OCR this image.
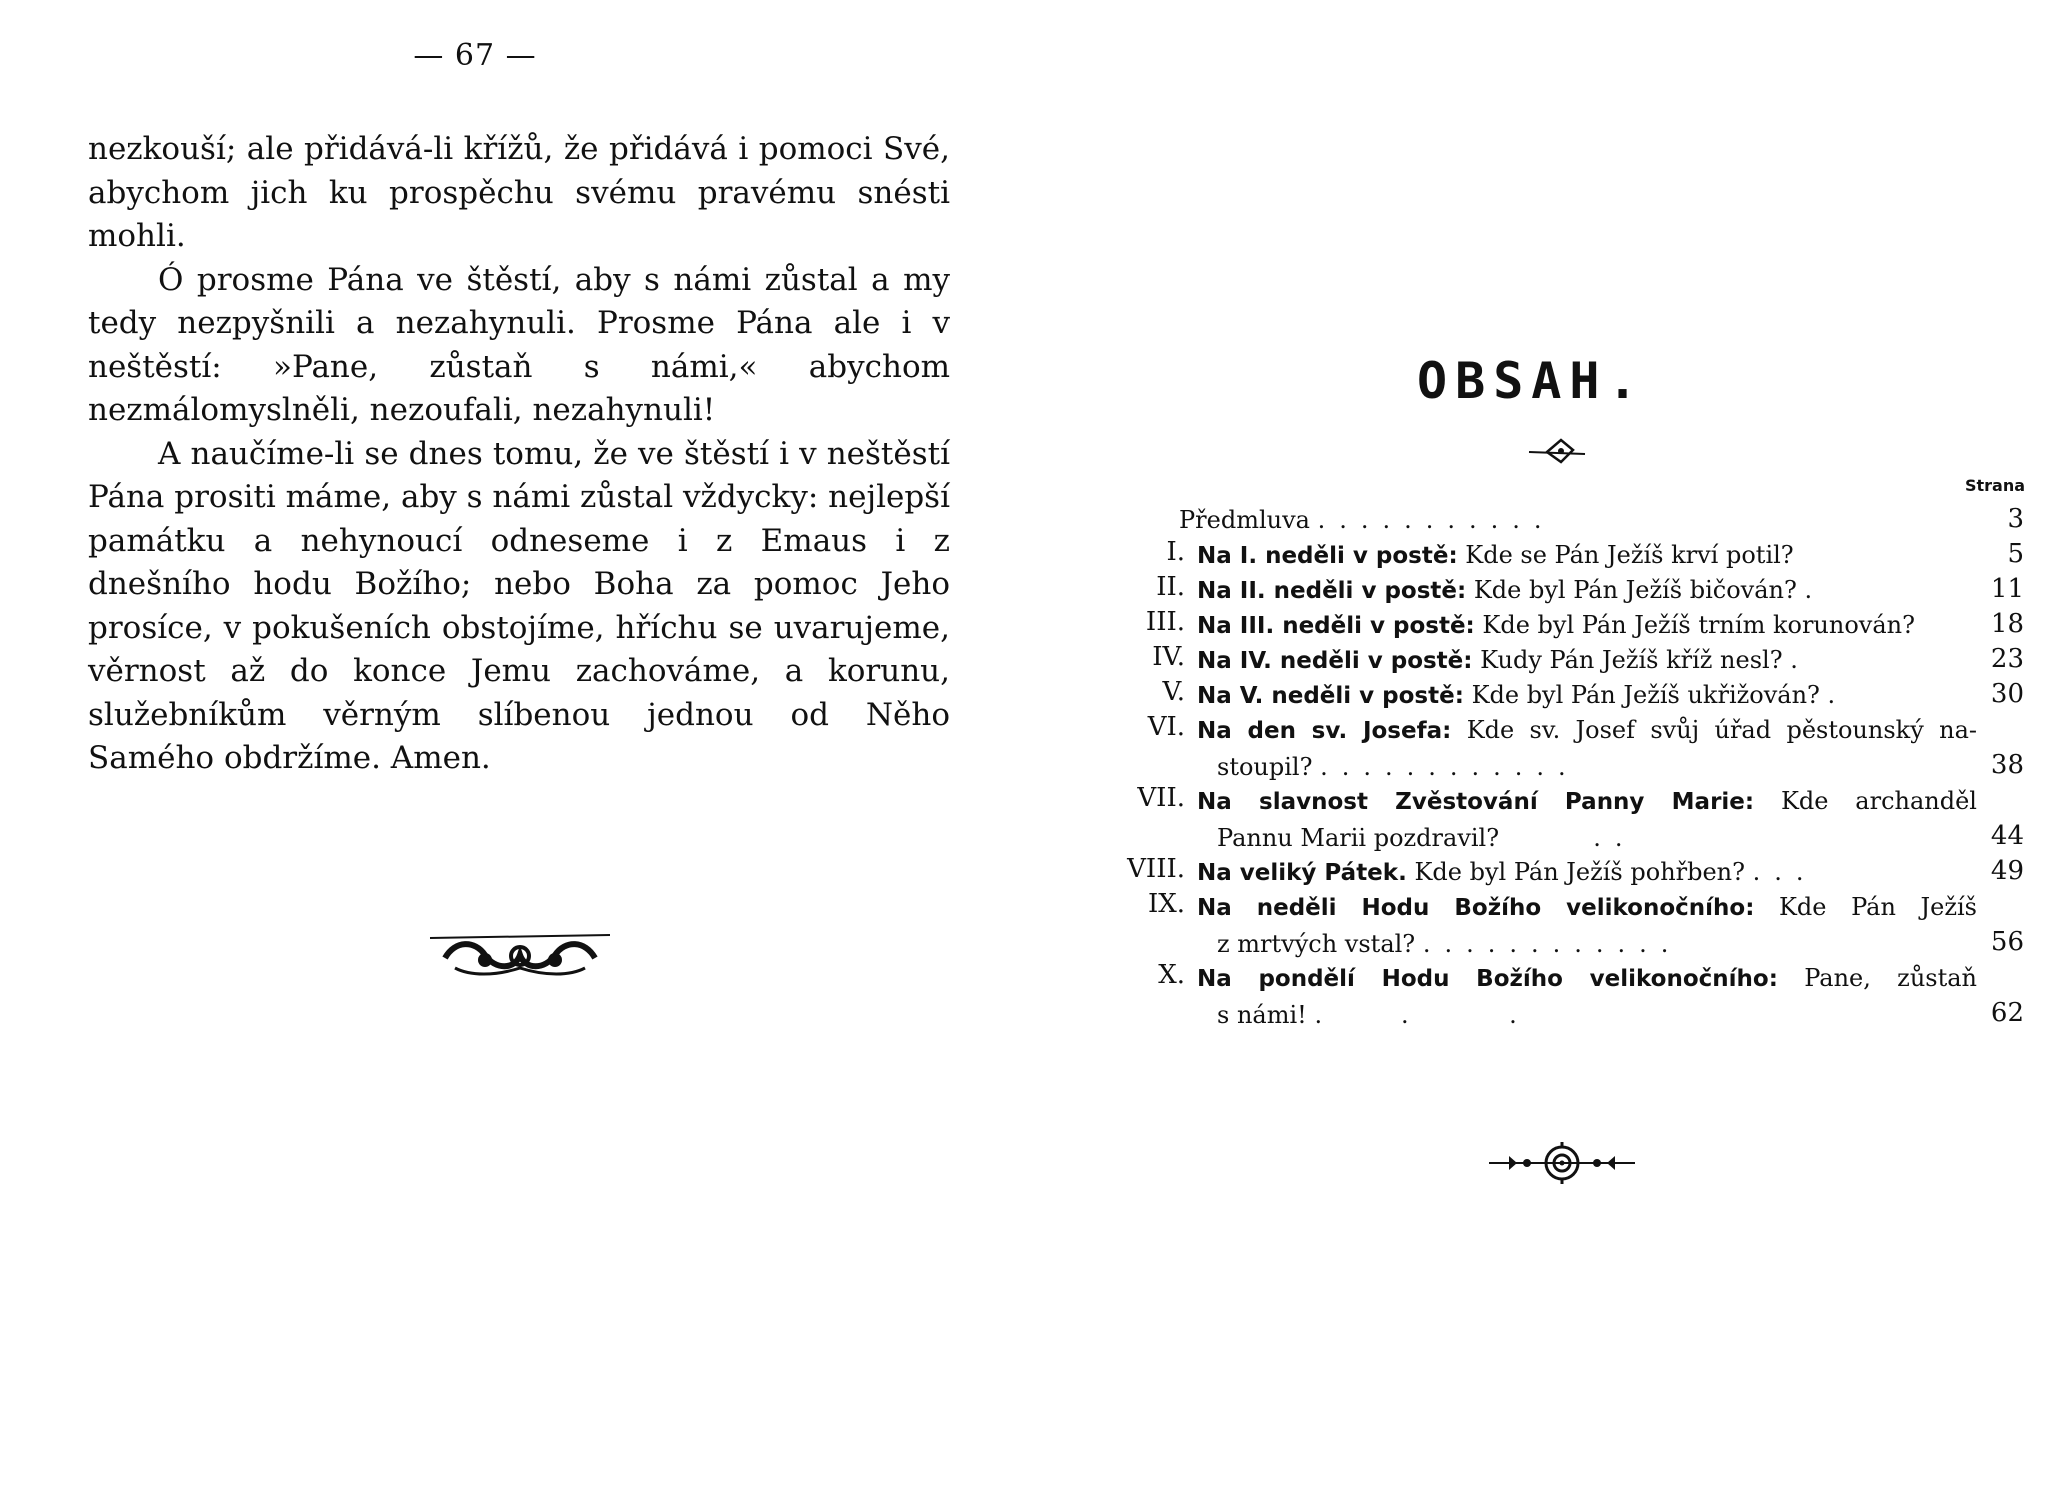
— 67 —

nezkouší; ale přidává-li křížů, že přidává i pomoci Své, abychom jich ku prospěchu svému pravému snésti mohli.

Ó prosme Pána ve štěstí, aby s námi zůstal a my tedy nezpyšnili a nezahynuli. Prosme Pána ale i v neštěstí: »Pane, zůstaň s námi,« abychom nezmálomyslněli, nezoufali, nezahynuli!

A naučíme-li se dnes tomu, že ve štěstí i v neštěstí Pána prositi máme, aby s námi zůstal vždycky: nejlepší památku a nehynoucí odneseme i z Emaus i z dnešního hodu Božího; nebo Boha za pomoc Jeho prosíce, v pokušeních obstojíme, hříchu se uvarujeme, věrnost až do konce Jemu zachováme, a korunu, služebníkům věrným slíbenou jednou od Něho Samého obdržíme. Amen.

OBSAH.
Strana
Předmluva ...........	3
I. Na I. neděli v postě: Kde se Pán Ježíš krví potil?	5
II. Na II. neděli v postě: Kde byl Pán Ježíš bičován? .	11
III. Na III. neděli v postě: Kde byl Pán Ježíš trním korunován?	18
IV. Na IV. neděli v postě: Kudy Pán Ježíš kříž nesl? .	23
V. Na V. neděli v postě: Kde byl Pán Ježíš ukřižován? .	30
VI. Na den sv. Josefa: Kde sv. Josef svůj úřad pěstounský na-
stoupil? ............	38
VII. Na slavnost Zvěstování Panny Marie: Kde archanděl
Pannu Marii pozdravil?     ..	44
VIII. Na veliký Pátek. Kde byl Pán Ježíš pohřben? ...	49
IX. Na neděli Hodu Božího velikonočního: Kde Pán Ježíš
z mrtvých vstal? ............	56
X. Na pondělí Hodu Božího velikonočního: Pane, zůstaň
s námi! .   .    .	62
